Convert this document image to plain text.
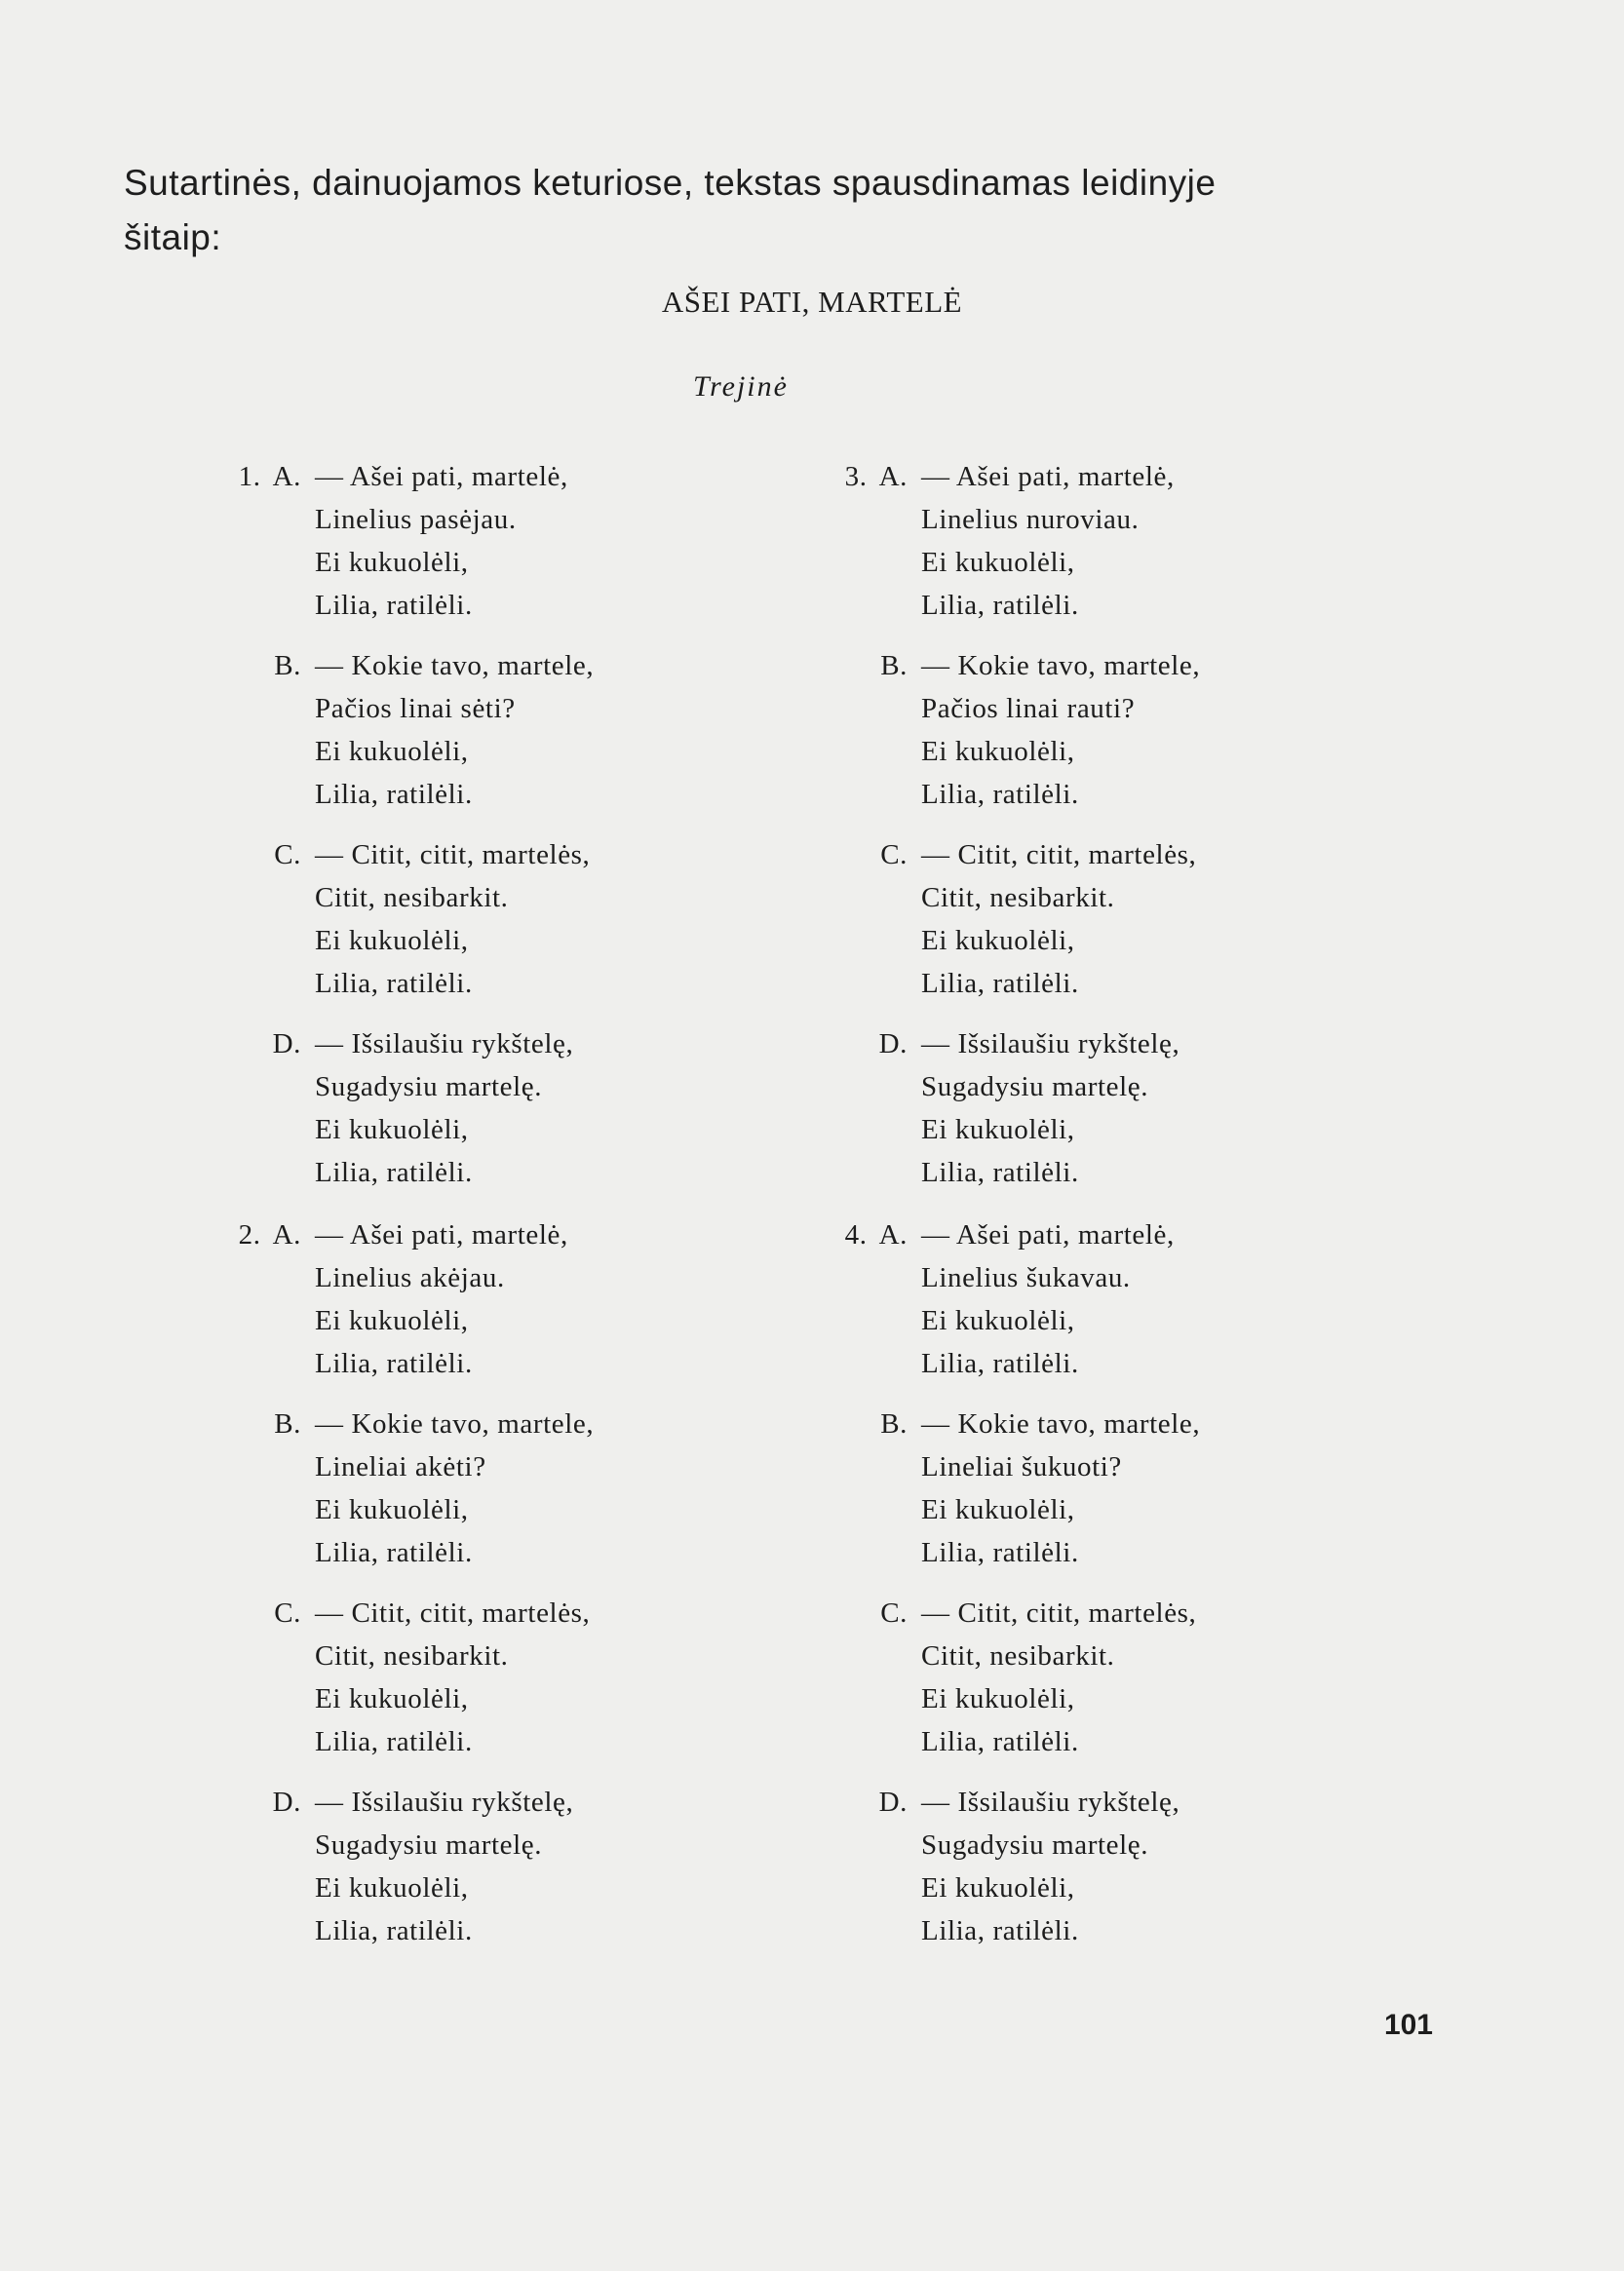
Sutartinės, dainuojamos keturiose, tekstas spausdinamas leidinyje
šitaip:
AŠEI PATI, MARTELĖ
Trejinė
1. A. — Ašei pati, martelė,
Linelius pasėjau.
Ei kukuolėli,
Lilia, ratilėli.
B. — Kokie tavo, martele,
Pačios linai sėti?
Ei kukuolėli,
Lilia, ratilėli.
C. — Citit, citit, martelės,
Citit, nesibarkit.
Ei kukuolėli,
Lilia, ratilėli.
D. — Išsilaušiu rykštelę,
Sugadysiu martelę.
Ei kukuolėli,
Lilia, ratilėli.
2. A. — Ašei pati, martelė,
Linelius akėjau.
Ei kukuolėli,
Lilia, ratilėli.
B. — Kokie tavo, martele,
Lineliai akėti?
Ei kukuolėli,
Lilia, ratilėli.
C. — Citit, citit, martelės,
Citit, nesibarkit.
Ei kukuolėli,
Lilia, ratilėli.
D. — Išsilaušiu rykštelę,
Sugadysiu martelę.
Ei kukuolėli,
Lilia, ratilėli.
3. A. — Ašei pati, martelė,
Linelius nuroviau.
Ei kukuolėli,
Lilia, ratilėli.
B. — Kokie tavo, martele,
Pačios linai rauti?
Ei kukuolėli,
Lilia, ratilėli.
C. — Citit, citit, martelės,
Citit, nesibarkit.
Ei kukuolėli,
Lilia, ratilėli.
D. — Išsilaušiu rykštelę,
Sugadysiu martelę.
Ei kukuolėli,
Lilia, ratilėli.
4. A. — Ašei pati, martelė,
Linelius šukavau.
Ei kukuolėli,
Lilia, ratilėli.
B. — Kokie tavo, martele,
Lineliai šukuoti?
Ei kukuolėli,
Lilia, ratilėli.
C. — Citit, citit, martelės,
Citit, nesibarkit.
Ei kukuolėli,
Lilia, ratilėli.
D. — Išsilaušiu rykštelę,
Sugadysiu martelę.
Ei kukuolėli,
Lilia, ratilėli.
101
